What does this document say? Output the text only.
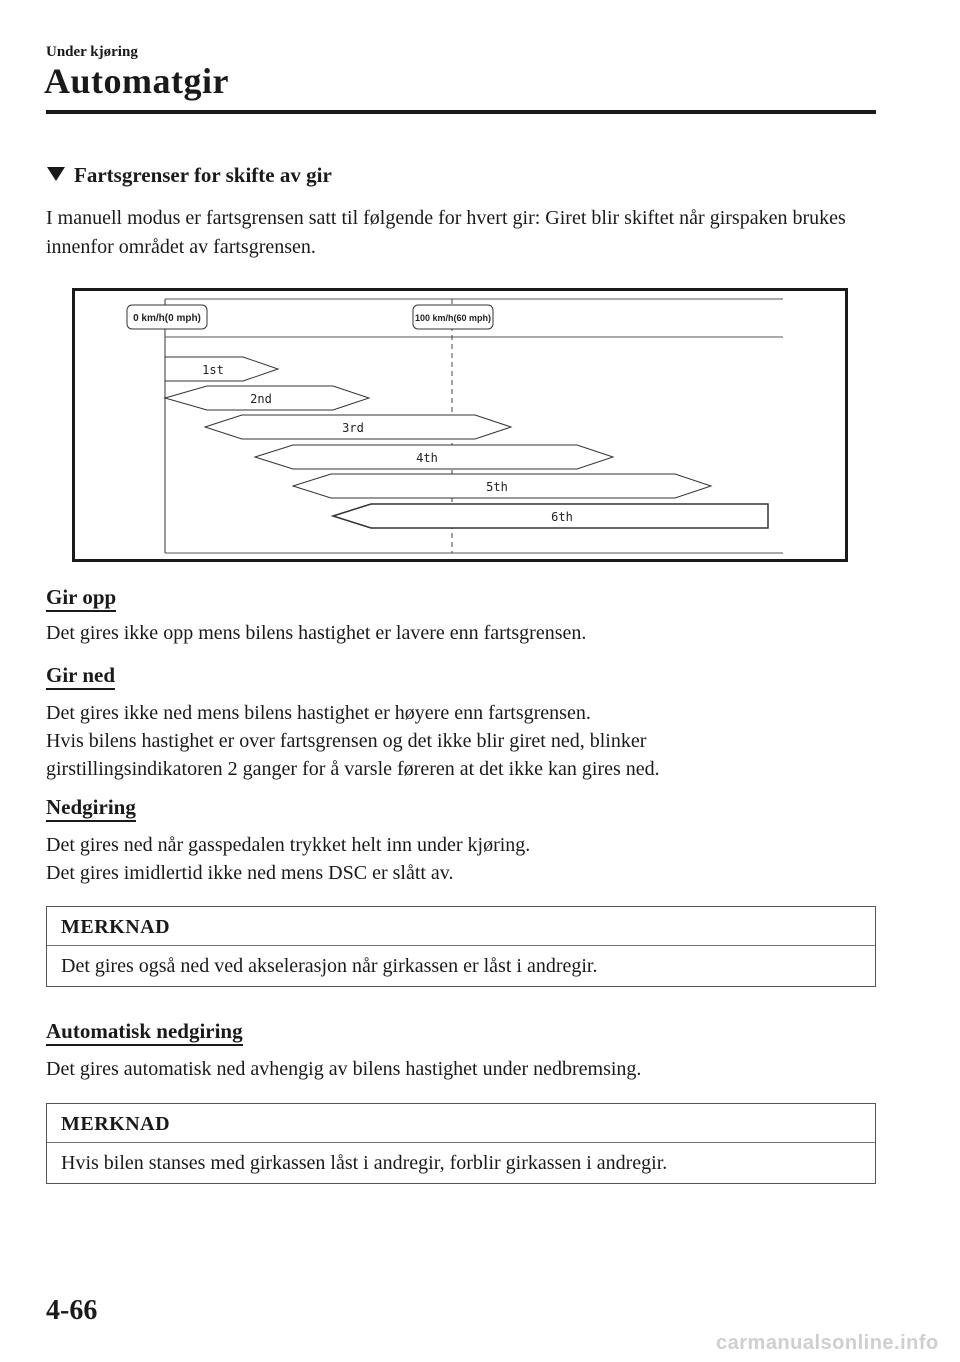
Under kjøring
Automatgir
Fartsgrenser for skifte av gir
I manuell modus er fartsgrensen satt til følgende for hvert gir: Giret blir skiftet når girspaken brukes innenfor området av fartsgrensen.
0 km/h(0 mph)	100 km/h(60 mph)
1st
2nd
3rd
4th
5th
6th
Gir opp
Det gires ikke opp mens bilens hastighet er lavere enn fartsgrensen.
Gir ned
Det gires ikke ned mens bilens hastighet er høyere enn fartsgrensen.
Hvis bilens hastighet er over fartsgrensen og det ikke blir giret ned, blinker
girstillingsindikatoren 2 ganger for å varsle føreren at det ikke kan gires ned.
Nedgiring
Det gires ned når gasspedalen trykket helt inn under kjøring.
Det gires imidlertid ikke ned mens DSC er slått av.
MERKNAD
Det gires også ned ved akselerasjon når girkassen er låst i andregir.
Automatisk nedgiring
Det gires automatisk ned avhengig av bilens hastighet under nedbremsing.
MERKNAD
Hvis bilen stanses med girkassen låst i andregir, forblir girkassen i andregir.
4-66
carmanualsonline.info
